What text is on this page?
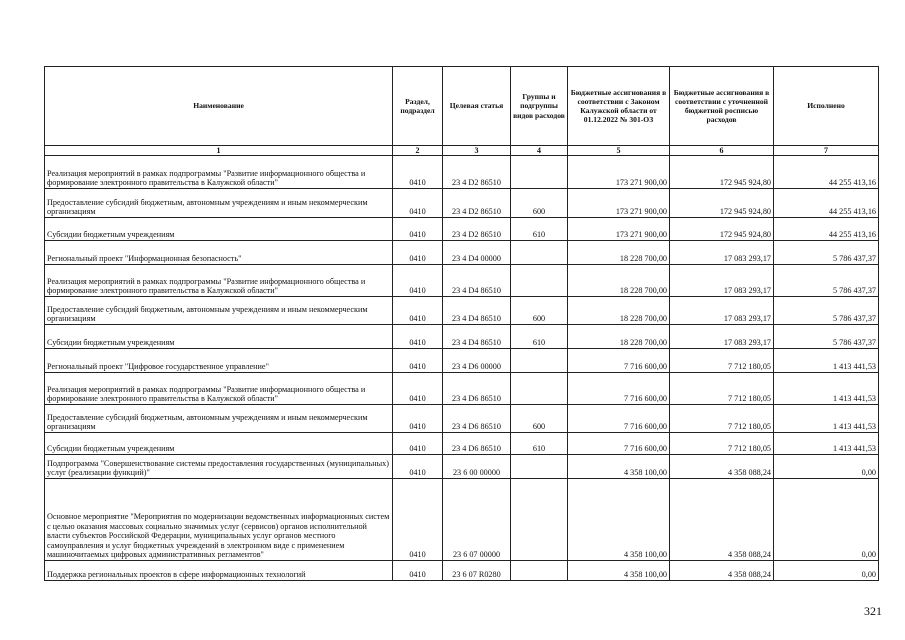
Наименование	Раздел, подраздел	Целевая статья	Группы и подгруппы видов расходов	Бюджетные ассигнования в соответствии с Законом Калужской области от 01.12.2022 № 301-ОЗ	Бюджетные ассигнования в соответствии с уточненной бюджетной росписью расходов	Исполнено
1	2	3	4	5	6	7
Реализация мероприятий в рамках подпрограммы "Развитие информационного общества и формирование электронного правительства в Калужской области"	0410	23 4 D2 86510		173 271 900,00	172 945 924,80	44 255 413,16
Предоставление субсидий бюджетным, автономным учреждениям и иным некоммерческим организациям	0410	23 4 D2 86510	600	173 271 900,00	172 945 924,80	44 255 413,16
Субсидии бюджетным учреждениям	0410	23 4 D2 86510	610	173 271 900,00	172 945 924,80	44 255 413,16
Региональный проект "Информационная безопасность"	0410	23 4 D4 00000		18 228 700,00	17 083 293,17	5 786 437,37
Реализация мероприятий в рамках подпрограммы "Развитие информационного общества и формирование электронного правительства в Калужской области"	0410	23 4 D4 86510		18 228 700,00	17 083 293,17	5 786 437,37
Предоставление субсидий бюджетным, автономным учреждениям и иным некоммерческим организациям	0410	23 4 D4 86510	600	18 228 700,00	17 083 293,17	5 786 437,37
Субсидии бюджетным учреждениям	0410	23 4 D4 86510	610	18 228 700,00	17 083 293,17	5 786 437,37
Региональный проект "Цифровое государственное управление"	0410	23 4 D6 00000		7 716 600,00	7 712 180,05	1 413 441,53
Реализация мероприятий в рамках подпрограммы "Развитие информационного общества и формирование электронного правительства в Калужской области"	0410	23 4 D6 86510		7 716 600,00	7 712 180,05	1 413 441,53
Предоставление субсидий бюджетным, автономным учреждениям и иным некоммерческим организациям	0410	23 4 D6 86510	600	7 716 600,00	7 712 180,05	1 413 441,53
Субсидии бюджетным учреждениям	0410	23 4 D6 86510	610	7 716 600,00	7 712 180,05	1 413 441,53
Подпрограмма "Совершенствование системы предоставления государственных (муниципальных) услуг (реализации функций)"	0410	23 6 00 00000		4 358 100,00	4 358 088,24	0,00
Основное мероприятие "Мероприятия по модернизации ведомственных информационных систем с целью оказания массовых социально значимых услуг (сервисов) органов исполнительной власти субъектов Российской Федерации, муниципальных услуг органов местного самоуправления и услуг бюджетных учреждений в электронном виде с применением машиночитаемых цифровых административных регламентов"	0410	23 6 07 00000		4 358 100,00	4 358 088,24	0,00
Поддержка региональных проектов в сфере информационных технологий	0410	23 6 07 R0280		4 358 100,00	4 358 088,24	0,00
321
